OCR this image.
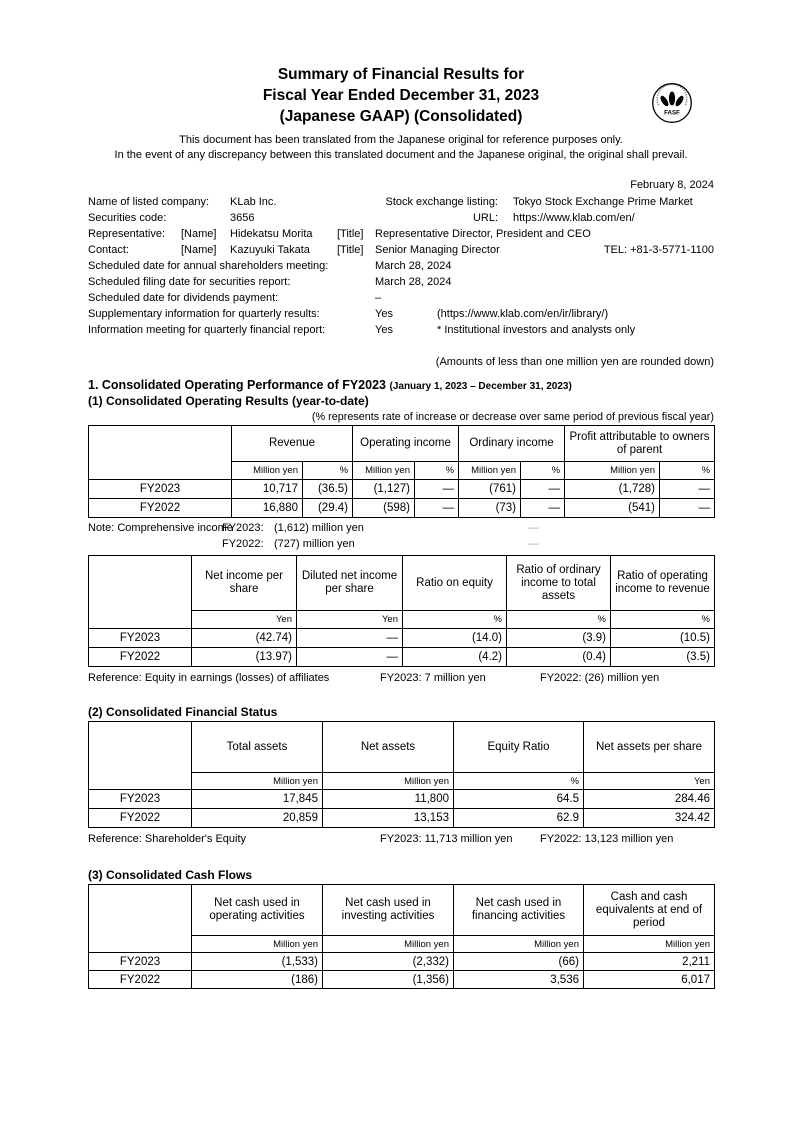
FASF
Summary of Financial Results for
Fiscal Year Ended December 31, 2023
(Japanese GAAP) (Consolidated)
This document has been translated from the Japanese original for reference purposes only.
In the event of any discrepancy between this translated document and the Japanese original, the original shall prevail.
February 8, 2024
Name of listed company: KLab Inc.	Stock exchange listing: Tokyo Stock Exchange Prime Market
Securities code:	3656	URL: https://www.klab.com/en/
Representative: [Name] Hidekatsu Morita [Title] Representative Director, President and CEO
Contact:	[Name] Kazuyuki Takata [Title] Senior Managing Director	TEL: +81-3-5771-1100
Scheduled date for annual shareholders meeting:	March 28, 2024
Scheduled filing date for securities report:	March 28, 2024
Scheduled date for dividends payment:	–
Supplementary information for quarterly results:	Yes	(https://www.klab.com/en/ir/library/)
Information meeting for quarterly financial report:	Yes	* Institutional investors and analysts only
(Amounts of less than one million yen are rounded down)
1. Consolidated Operating Performance of FY2023 (January 1, 2023 – December 31, 2023)
(1) Consolidated Operating Results (year-to-date)
(% represents rate of increase or decrease over same period of previous fiscal year)
	Revenue		Operating income		Ordinary income		Profit attributable to owners of parent	
	Million yen	%	Million yen	%	Million yen	%	Million yen	%
FY2023	10,717	(36.5)	(1,127)	—	(761)	—	(1,728)	—
FY2022	16,880	(29.4)	(598)	—	(73)	—	(541)	—
Note: Comprehensive income
FY2023: (1,612) million yen	—
FY2022: (727) million yen	—
	Net income per share	Diluted net income per share	Ratio on equity	Ratio of ordinary income to total assets	Ratio of operating income to revenue
	Yen	Yen	%	%	%
FY2023	(42.74)	—	(14.0)	(3.9)	(10.5)
FY2022	(13.97)	—	(4.2)	(0.4)	(3.5)
Reference: Equity in earnings (losses) of affiliates	FY2023: 7 million yen	FY2022: (26) million yen
(2) Consolidated Financial Status
	Total assets	Net assets	Equity Ratio	Net assets per share
	Million yen	Million yen	%	Yen
FY2023	17,845	11,800	64.5	284.46
FY2022	20,859	13,153	62.9	324.42
Reference: Shareholder's Equity	FY2023: 11,713 million yen	FY2022: 13,123 million yen
(3) Consolidated Cash Flows
	Net cash used in operating activities	Net cash used in investing activities	Net cash used in financing activities	Cash and cash equivalents at end of period
	Million yen	Million yen	Million yen	Million yen
FY2023	(1,533)	(2,332)	(66)	2,211
FY2022	(186)	(1,356)	3,536	6,017
